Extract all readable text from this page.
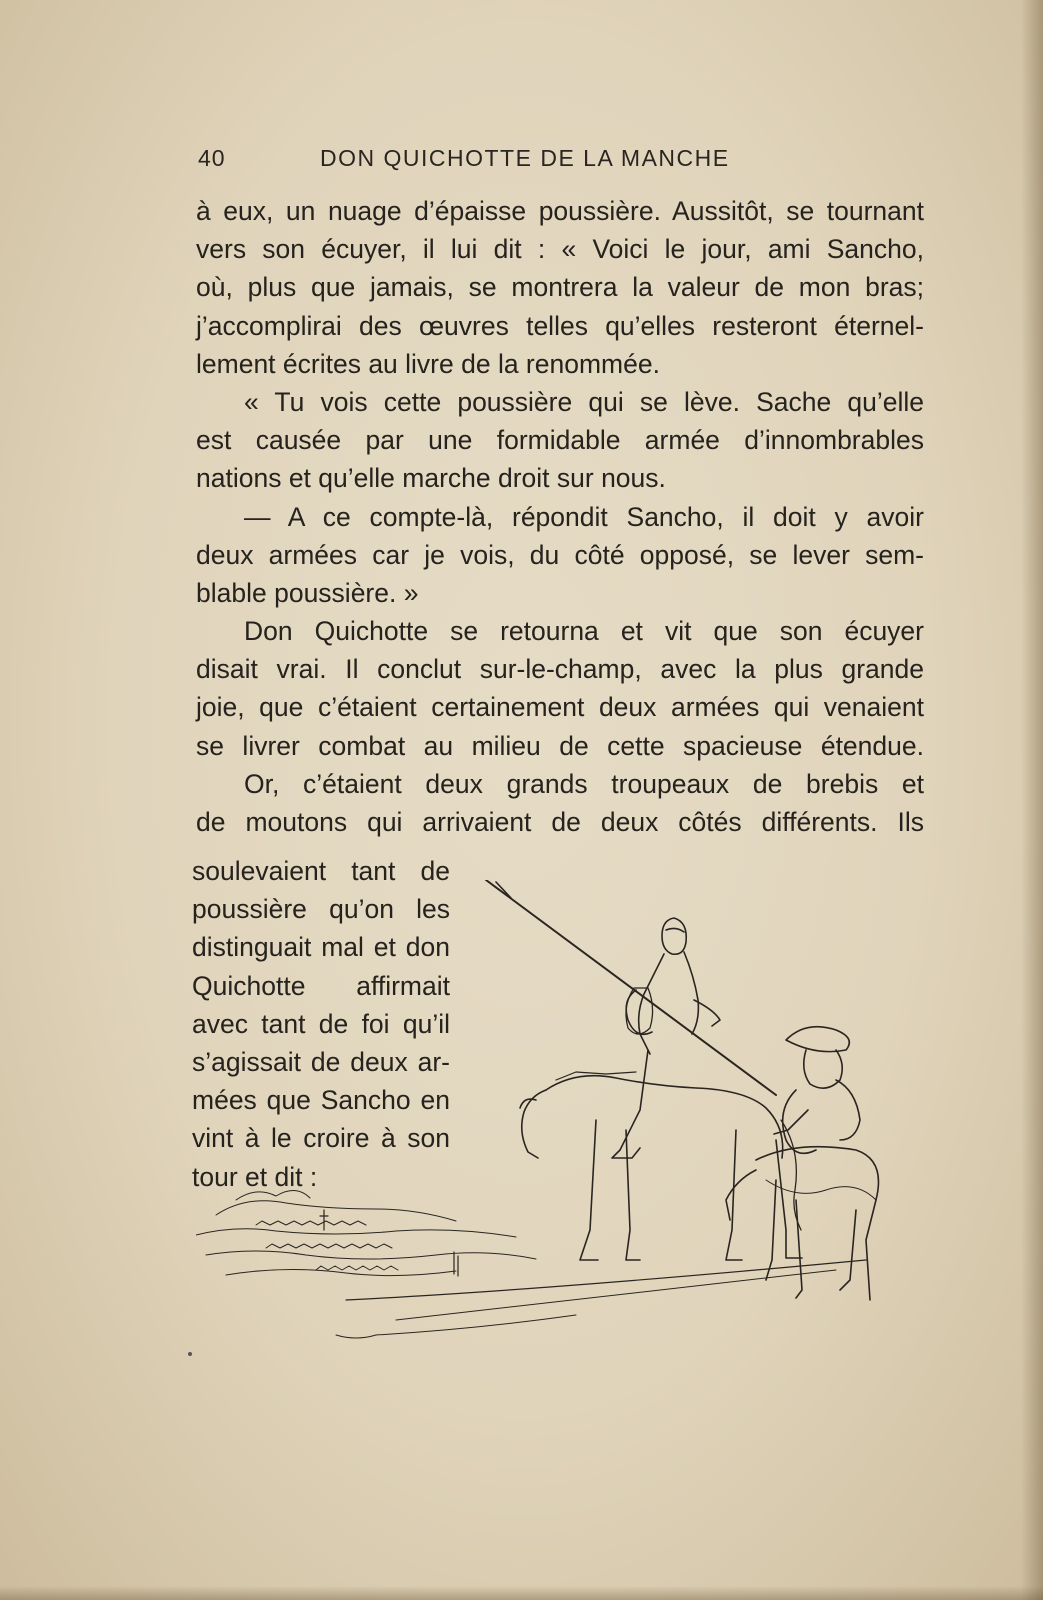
40	DON QUICHOTTE DE LA MANCHE
à eux, un nuage d’épaisse poussière. Aussitôt, se tournant
vers son écuyer, il lui dit : « Voici le jour, ami Sancho,
où, plus que jamais, se montrera la valeur de mon bras;
j’accomplirai des œuvres telles qu’elles resteront éternel-
lement écrites au livre de la renommée.
« Tu vois cette poussière qui se lève. Sache qu’elle
est causée par une formidable armée d’innombrables
nations et qu’elle marche droit sur nous.
— A ce compte-là, répondit Sancho, il doit y avoir
deux armées car je vois, du côté opposé, se lever sem-
blable poussière. »
Don Quichotte se retourna et vit que son écuyer
disait vrai. Il conclut sur-le-champ, avec la plus grande
joie, que c’étaient certainement deux armées qui venaient
se livrer combat au milieu de cette spacieuse étendue.
Or, c’étaient deux grands troupeaux de brebis et
de moutons qui arrivaient de deux côtés différents. Ils
soulevaient tant de
poussière qu’on les
distinguait mal et don
Quichotte affirmait
avec tant de foi qu’il
s’agissait de deux ar-
mées que Sancho en
vint à le croire à son
tour et dit :
